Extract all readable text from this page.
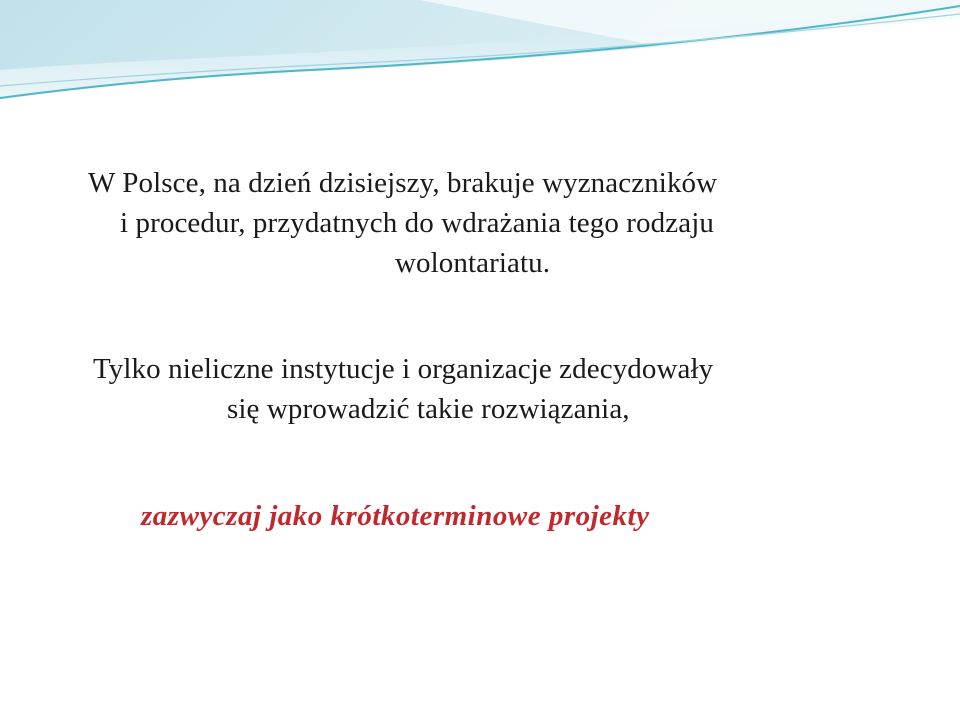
W Polsce, na dzień dzisiejszy, brakuje wyznaczników
i procedur, przydatnych do wdrażania tego rodzaju
wolontariatu.

Tylko nieliczne instytucje i organizacje zdecydowały
się wprowadzić takie rozwiązania,

zazwyczaj jako krótkoterminowe projekty
